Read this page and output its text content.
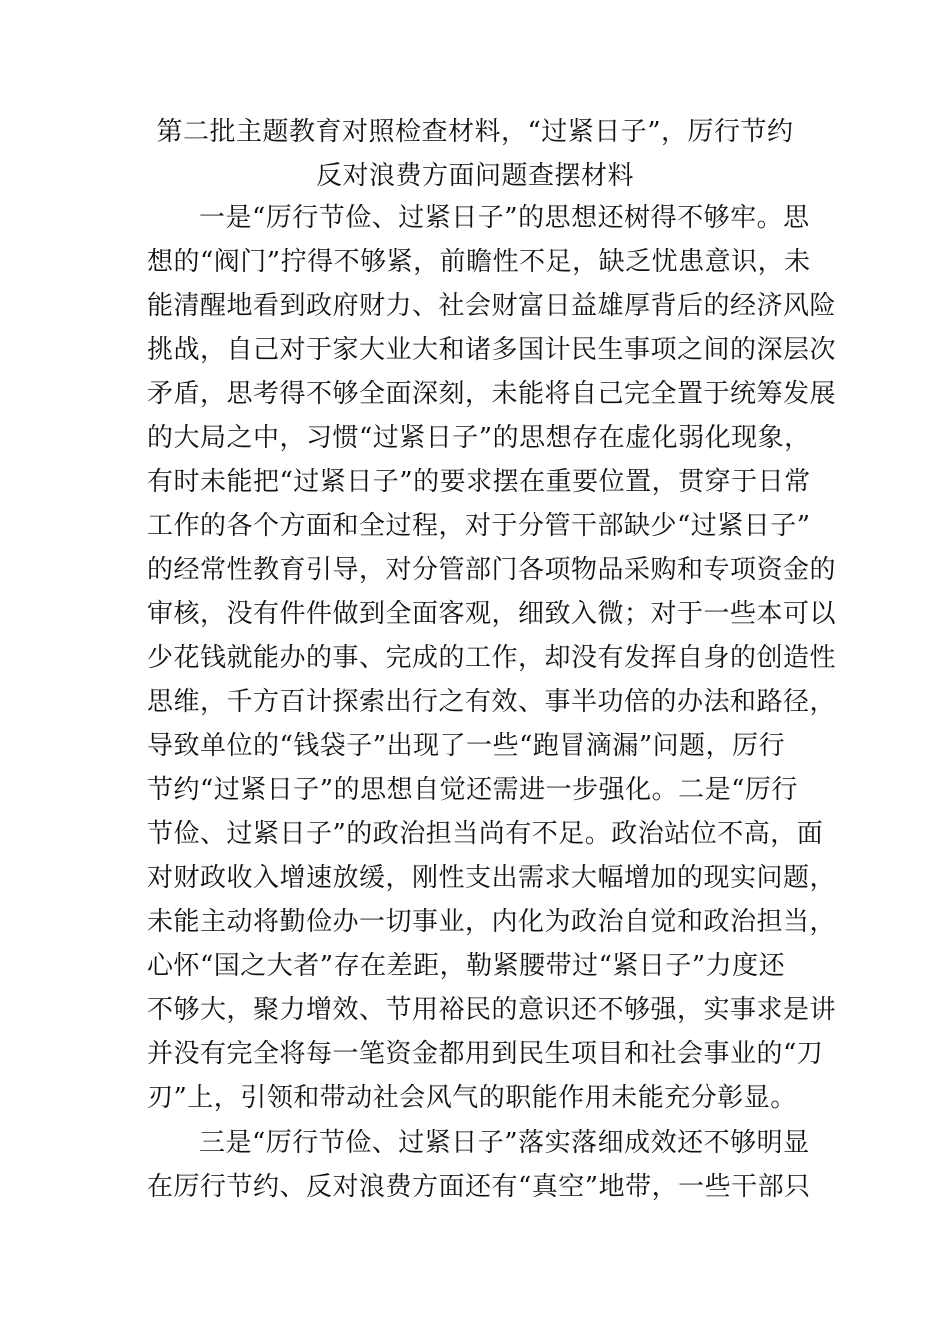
第二批主题教育对照检查材料，“过紧日子”，厉行节约
反对浪费方面问题查摆材料
一是“厉行节俭、过紧日子”的思想还树得不够牢。思
想的“阀门”拧得不够紧，前瞻性不足，缺乏忧患意识，未
能清醒地看到政府财力、社会财富日益雄厚背后的经济风险
挑战，自己对于家大业大和诸多国计民生事项之间的深层次
矛盾，思考得不够全面深刻，未能将自己完全置于统筹发展
的大局之中，习惯“过紧日子”的思想存在虚化弱化现象，
有时未能把“过紧日子”的要求摆在重要位置，贯穿于日常
工作的各个方面和全过程，对于分管干部缺少“过紧日子”
的经常性教育引导，对分管部门各项物品采购和专项资金的
审核，没有件件做到全面客观，细致入微；对于一些本可以
少花钱就能办的事、完成的工作，却没有发挥自身的创造性
思维，千方百计探索出行之有效、事半功倍的办法和路径，
导致单位的“钱袋子”出现了一些“跑冒滴漏”问题，厉行
节约“过紧日子”的思想自觉还需进一步强化。二是“厉行
节俭、过紧日子”的政治担当尚有不足。政治站位不高，面
对财政收入增速放缓，刚性支出需求大幅增加的现实问题，
未能主动将勤俭办一切事业，内化为政治自觉和政治担当，
心怀“国之大者”存在差距，勒紧腰带过“紧日子”力度还
不够大，聚力增效、节用裕民的意识还不够强，实事求是讲
并没有完全将每一笔资金都用到民生项目和社会事业的“刀
刃”上，引领和带动社会风气的职能作用未能充分彰显。
三是“厉行节俭、过紧日子”落实落细成效还不够明显
在厉行节约、反对浪费方面还有“真空”地带，一些干部只
